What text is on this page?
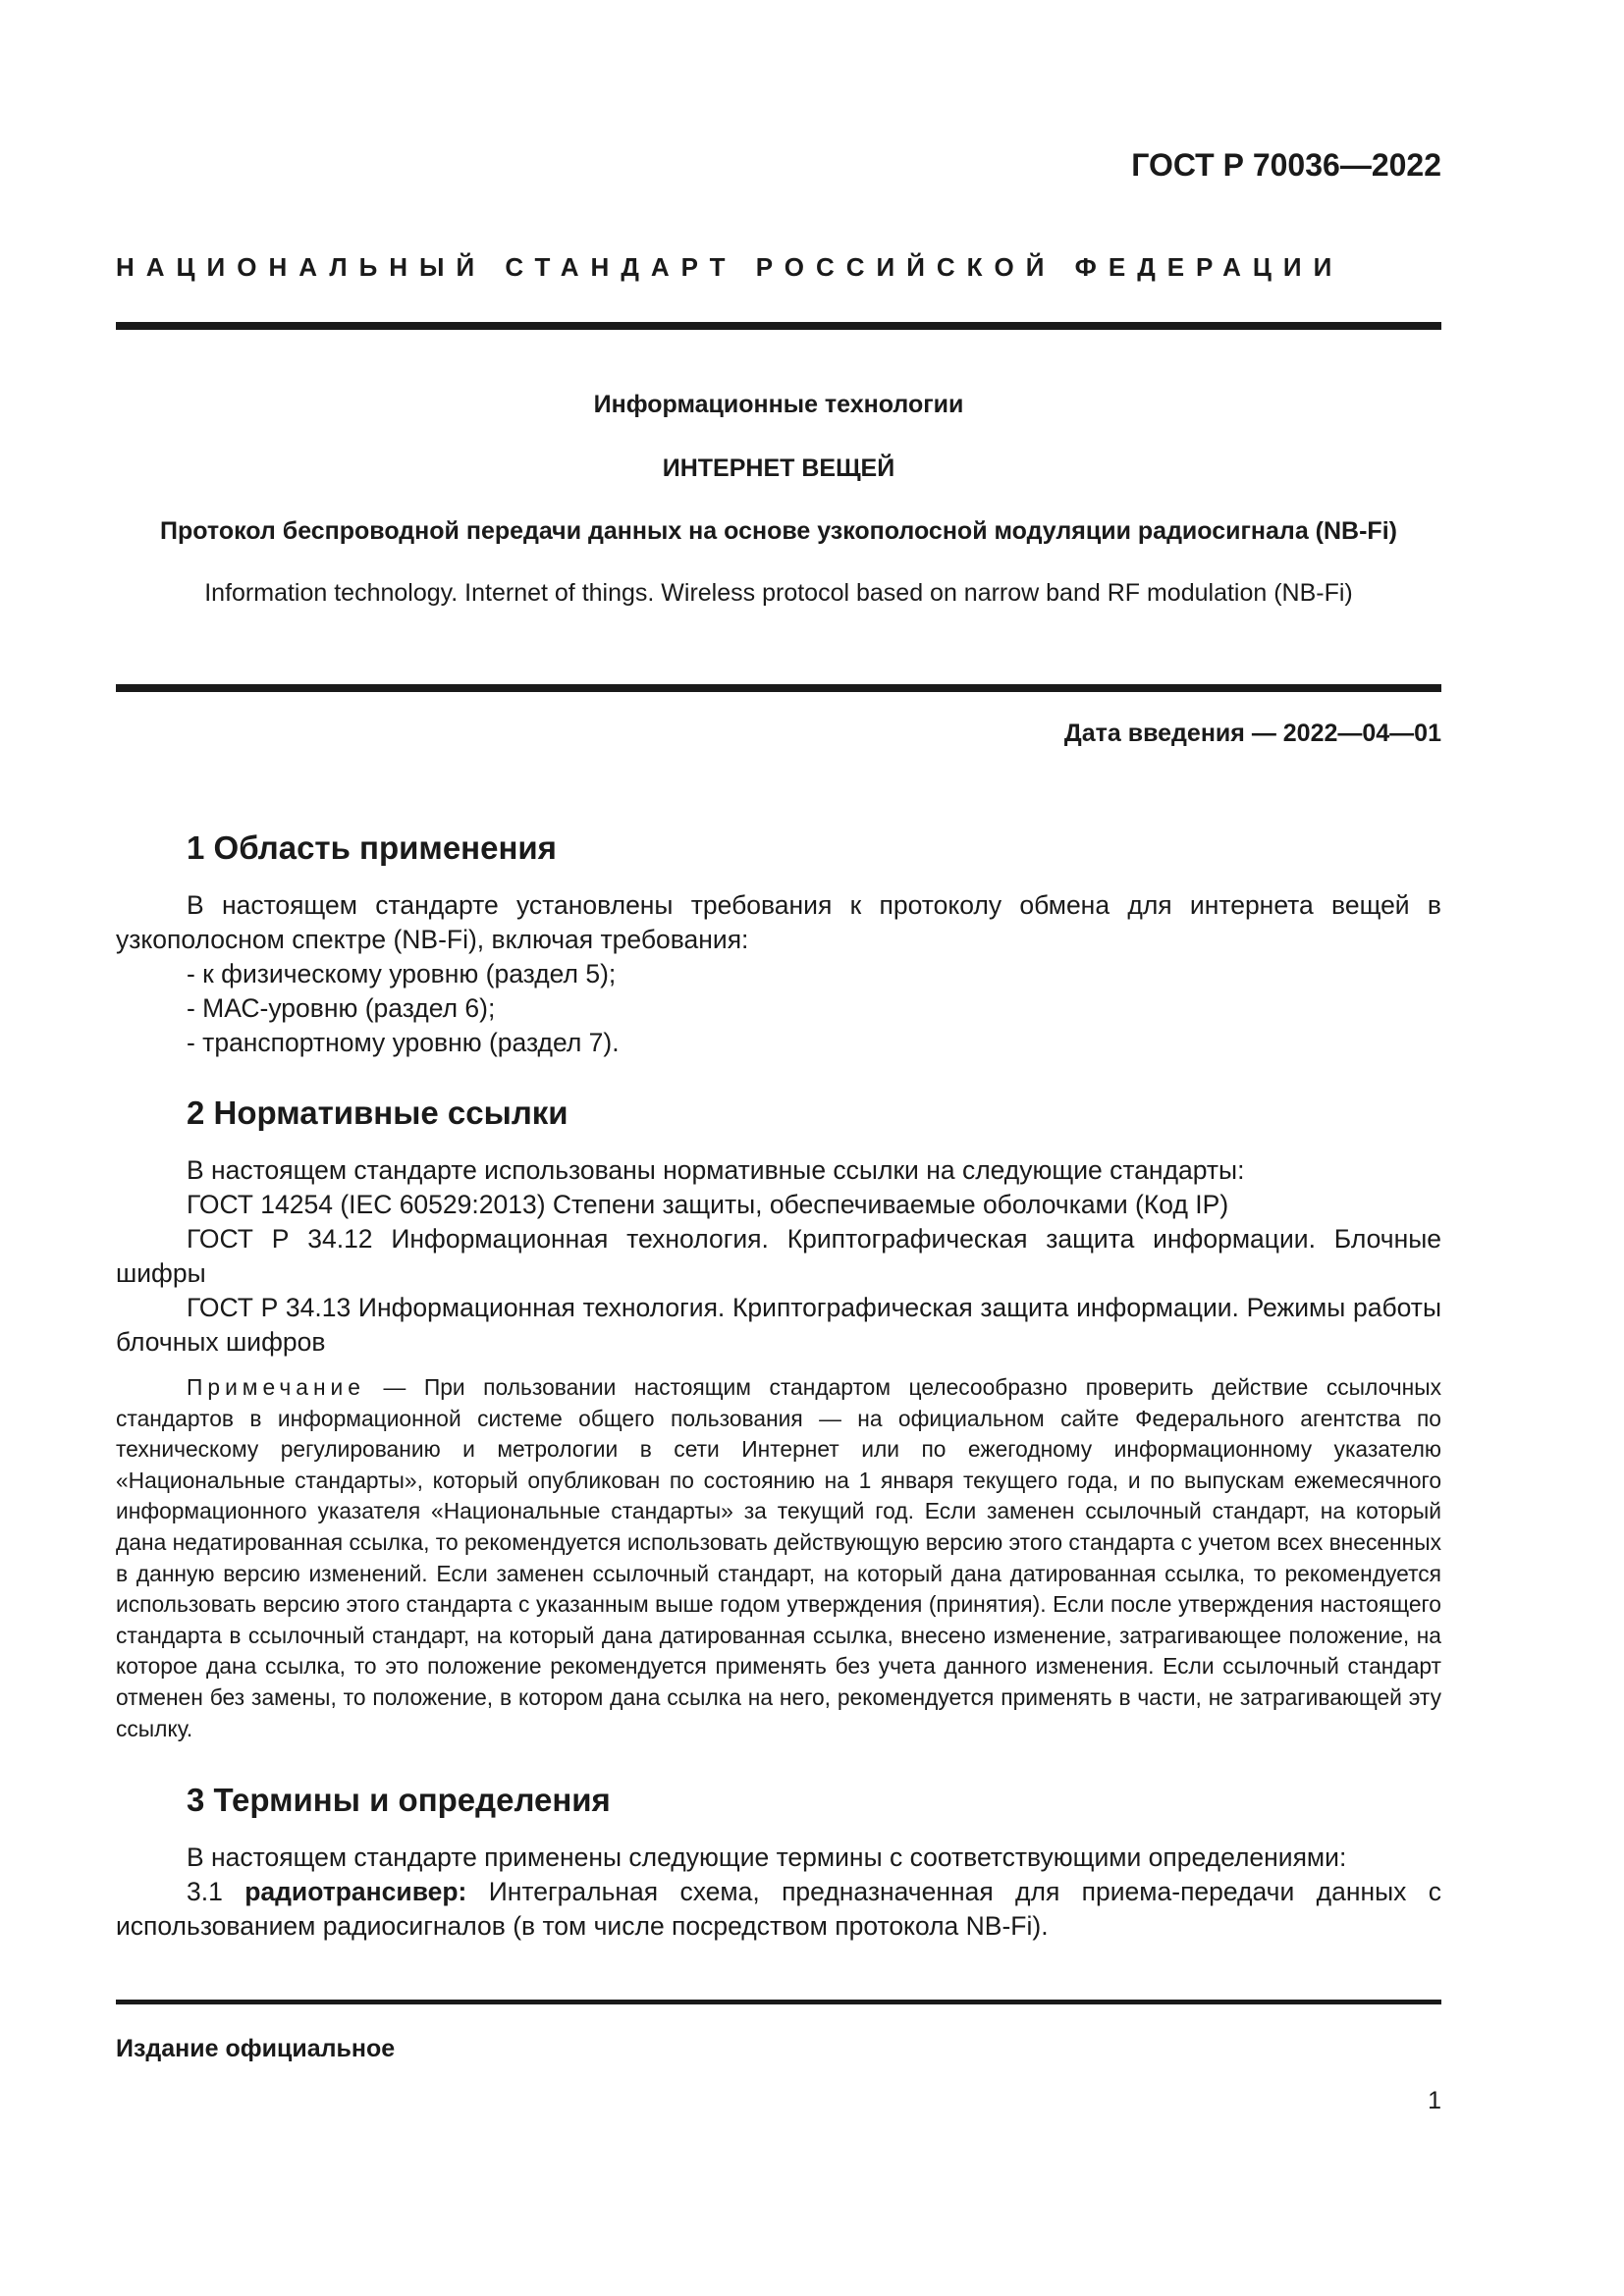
ГОСТ Р 70036—2022
НАЦИОНАЛЬНЫЙ СТАНДАРТ РОССИЙСКОЙ ФЕДЕРАЦИИ
Информационные технологии
ИНТЕРНЕТ ВЕЩЕЙ
Протокол беспроводной передачи данных на основе узкополосной модуляции радиосигнала (NB-Fi)
Information technology. Internet of things. Wireless protocol based on narrow band RF modulation (NB-Fi)
Дата введения — 2022—04—01
1 Область применения

В настоящем стандарте установлены требования к протоколу обмена для интернета вещей в узкополосном спектре (NB-Fi), включая требования:

- к физическому уровню (раздел 5);

- МАС-уровню (раздел 6);

- транспортному уровню (раздел 7).

2 Нормативные ссылки

В настоящем стандарте использованы нормативные ссылки на следующие стандарты:

ГОСТ 14254 (IEC 60529:2013) Степени защиты, обеспечиваемые оболочками (Код IP)

ГОСТ Р 34.12 Информационная технология. Криптографическая защита информации. Блочные шифры

ГОСТ Р 34.13 Информационная технология. Криптографическая защита информации. Режимы работы блочных шифров

Примечание — При пользовании настоящим стандартом целесообразно проверить действие ссылочных стандартов в информационной системе общего пользования — на официальном сайте Федерального агентства по техническому регулированию и метрологии в сети Интернет или по ежегодному информационному указателю «Национальные стандарты», который опубликован по состоянию на 1 января текущего года, и по выпускам ежемесячного информационного указателя «Национальные стандарты» за текущий год. Если заменен ссылочный стандарт, на который дана недатированная ссылка, то рекомендуется использовать действующую версию этого стандарта с учетом всех внесенных в данную версию изменений. Если заменен ссылочный стандарт, на который дана датированная ссылка, то рекомендуется использовать версию этого стандарта с указанным выше годом утверждения (принятия). Если после утверждения настоящего стандарта в ссылочный стандарт, на который дана датированная ссылка, внесено изменение, затрагивающее положение, на которое дана ссылка, то это положение рекомендуется применять без учета данного изменения. Если ссылочный стандарт отменен без замены, то положение, в котором дана ссылка на него, рекомендуется применять в части, не затрагивающей эту ссылку.
3 Термины и определения

В настоящем стандарте применены следующие термины с соответствующими определениями:

3.1 радиотрансивер: Интегральная схема, предназначенная для приема-передачи данных с использованием радиосигналов (в том числе посредством протокола NB-Fi).

Издание официальное
1
